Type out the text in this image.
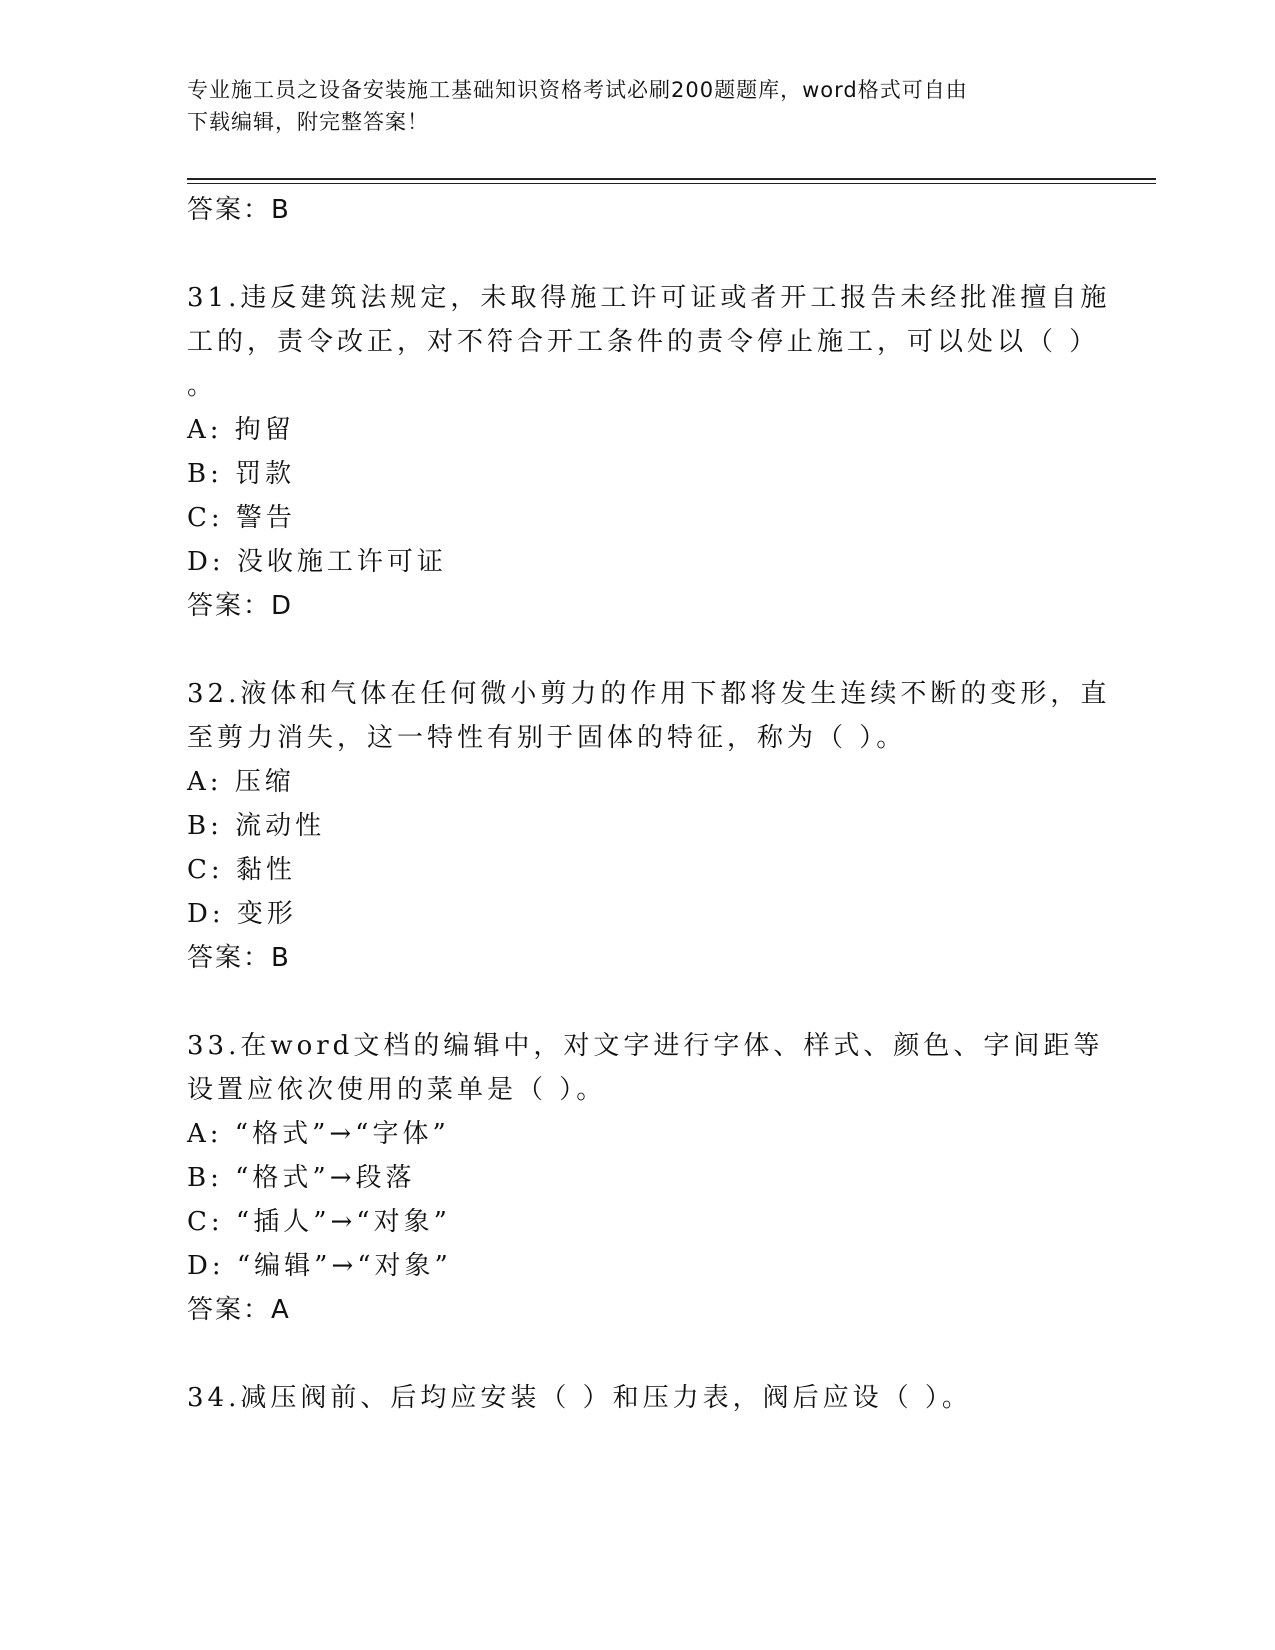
专业施工员之设备安装施工基础知识资格考试必刷200题题库，word格式可自由
下载编辑，附完整答案！
答案：B
31.违反建筑法规定，未取得施工许可证或者开工报告未经批准擅自施
工的，责令改正，对不符合开工条件的责令停止施工，可以处以（ ）
。
A: 拘留
B: 罚款
C: 警告
D: 没收施工许可证
答案：D
32.液体和气体在任何微小剪力的作用下都将发生连续不断的变形，直
至剪力消失，这一特性有别于固体的特征，称为（ ）。
A: 压缩
B: 流动性
C: 黏性
D: 变形
答案：B
33.在word文档的编辑中，对文字进行字体、样式、颜色、字间距等
设置应依次使用的菜单是（ ）。
A: “格式”→“字体”
B: “格式”→段落
C: “插人”→“对象”
D: “编辑”→“对象”
答案：A
34.减压阀前、后均应安装（ ）和压力表，阀后应设（ ）。
